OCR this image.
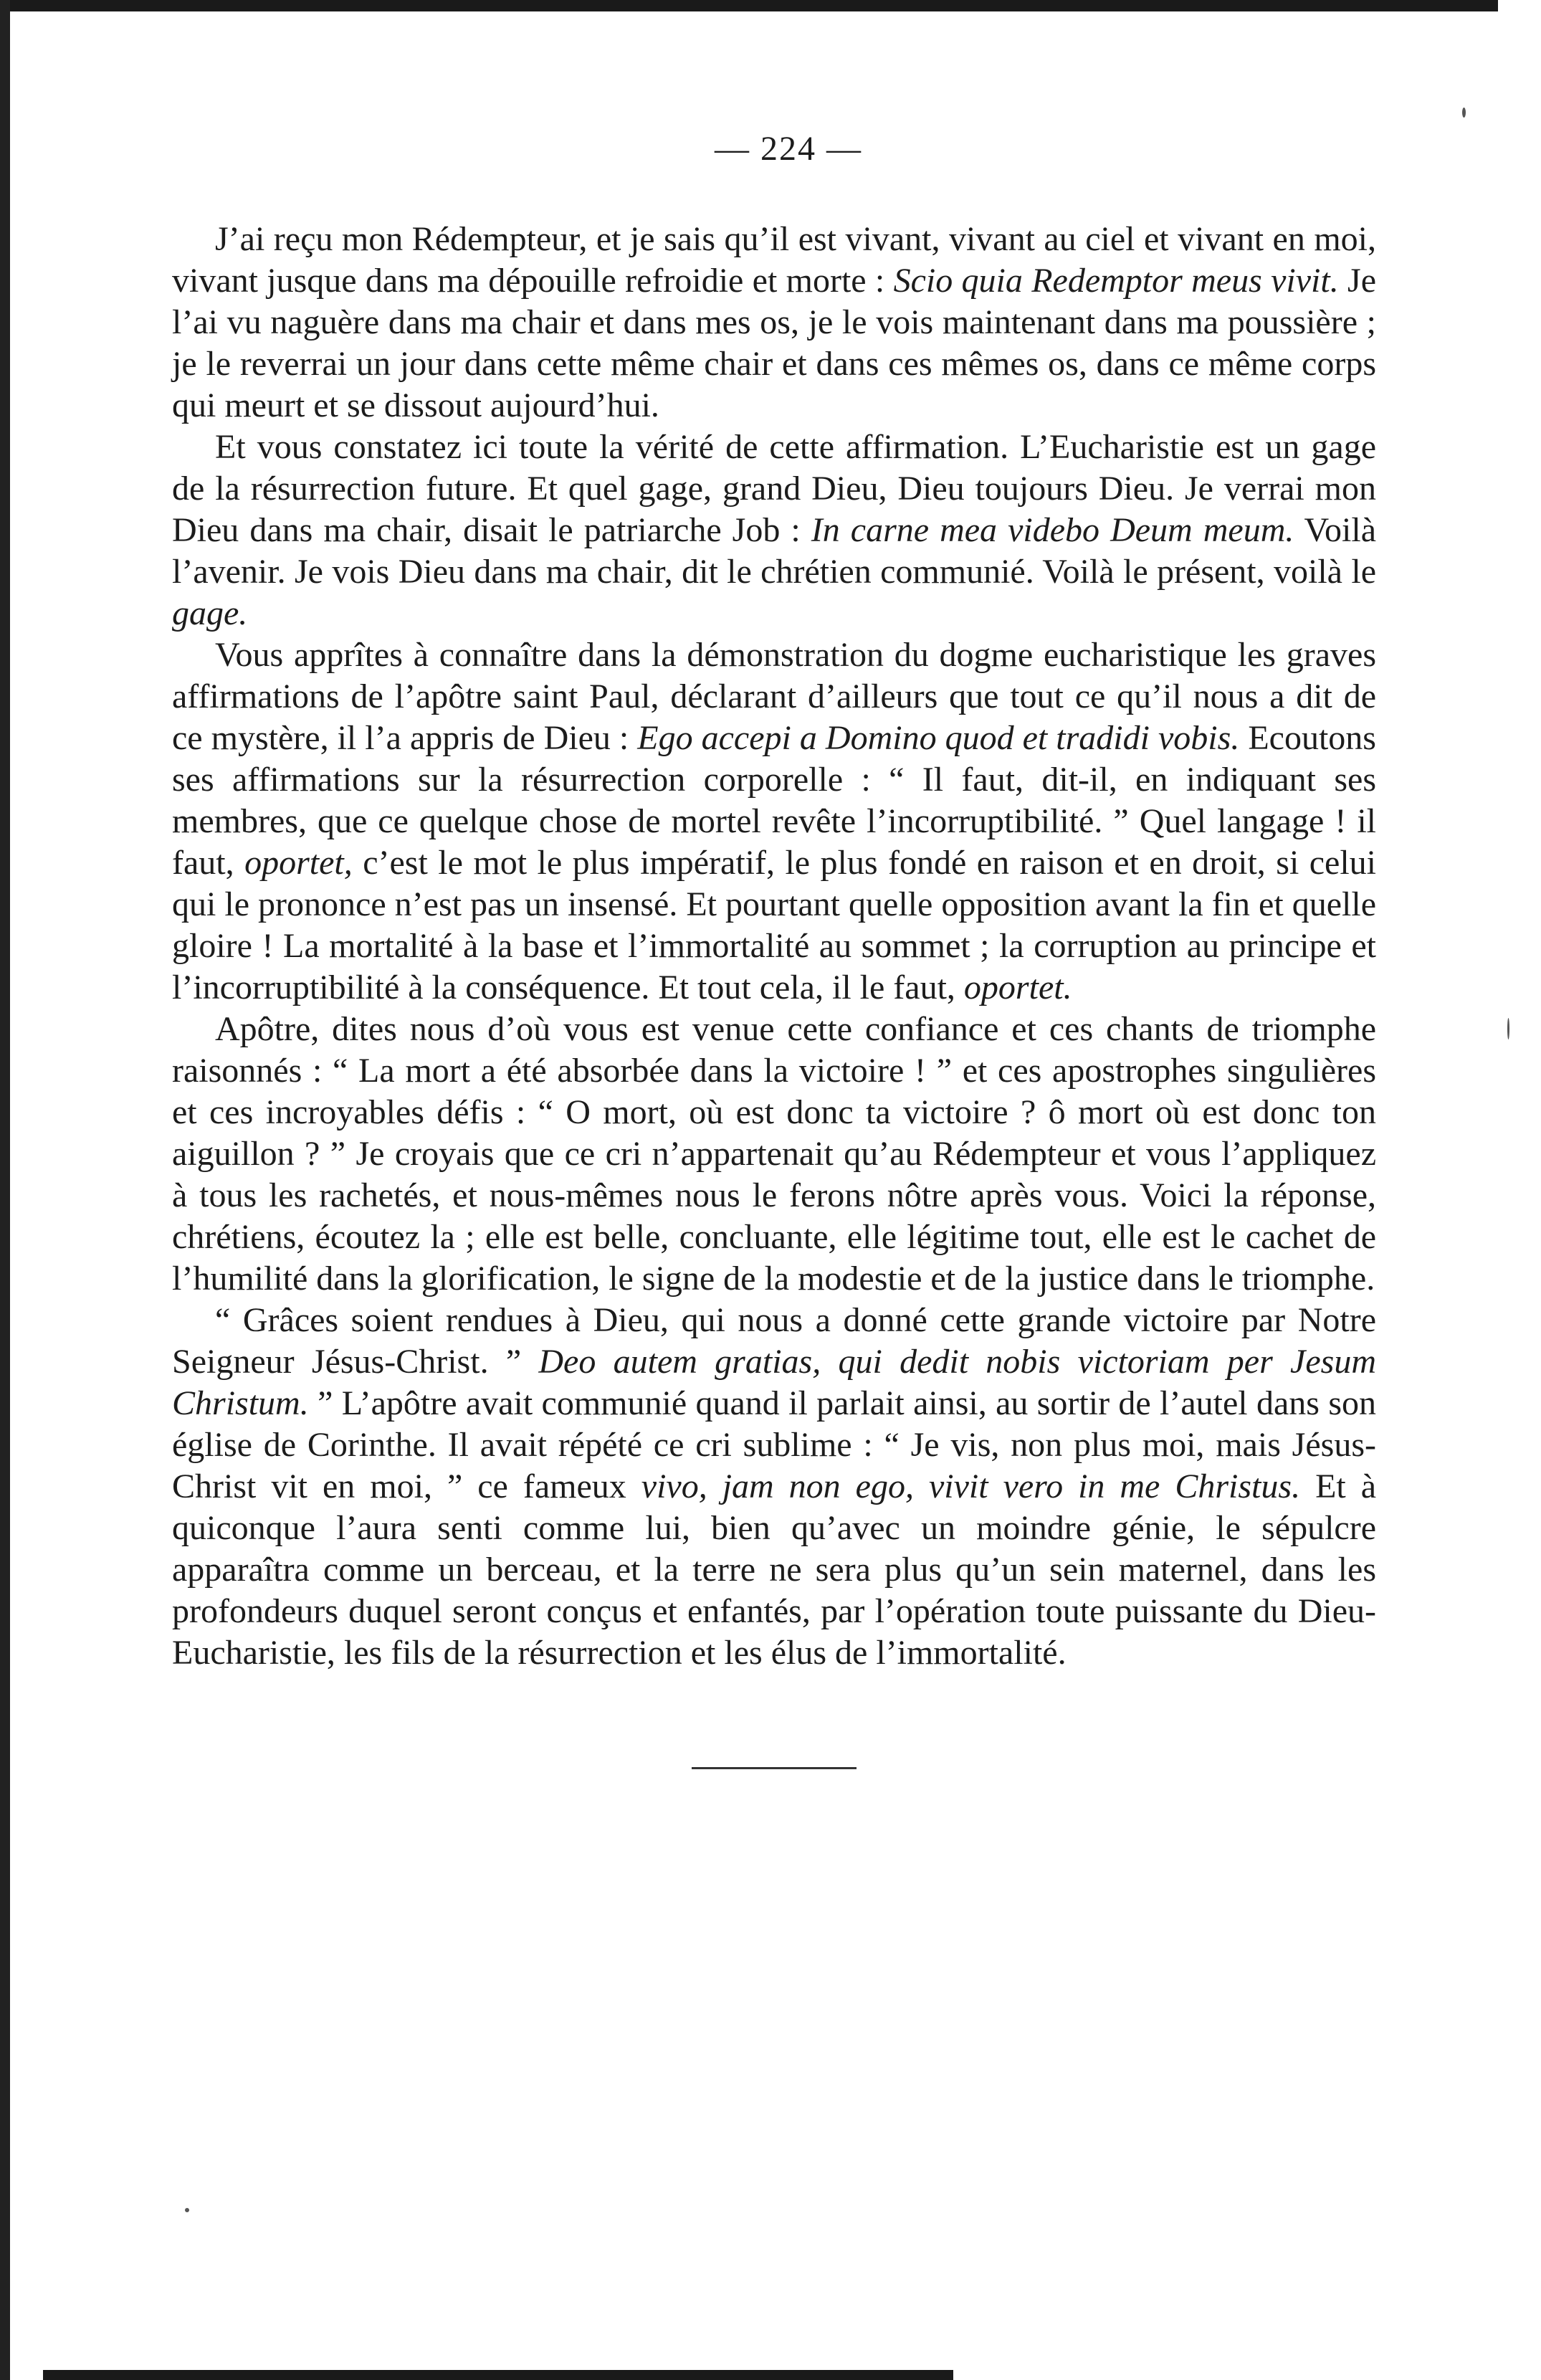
— 224 —

J’ai reçu mon Rédempteur, et je sais qu’il est vivant, vivant au ciel et vivant en moi, vivant jusque dans ma dépouille refroidie et morte : Scio quia Redemptor meus vivit. Je l’ai vu naguère dans ma chair et dans mes os, je le vois maintenant dans ma poussière ; je le reverrai un jour dans cette même chair et dans ces mêmes os, dans ce même corps qui meurt et se dissout aujourd’hui.

Et vous constatez ici toute la vérité de cette affirmation. L’Eucharistie est un gage de la résurrection future. Et quel gage, grand Dieu, Dieu toujours Dieu. Je verrai mon Dieu dans ma chair, disait le patriarche Job : In carne mea videbo Deum meum. Voilà l’avenir. Je vois Dieu dans ma chair, dit le chrétien communié. Voilà le présent, voilà le gage.

Vous apprîtes à connaître dans la démonstration du dogme eucharistique les graves affirmations de l’apôtre saint Paul, déclarant d’ailleurs que tout ce qu’il nous a dit de ce mystère, il l’a appris de Dieu : Ego accepi a Domino quod et tradidi vobis. Ecoutons ses affirmations sur la résurrection corporelle : “ Il faut, dit-il, en indiquant ses membres, que ce quelque chose de mortel revête l’incorruptibilité. ” Quel langage ! il faut, oportet, c’est le mot le plus impératif, le plus fondé en raison et en droit, si celui qui le prononce n’est pas un insensé. Et pourtant quelle opposition avant la fin et quelle gloire ! La mortalité à la base et l’immortalité au sommet ; la corruption au principe et l’incorruptibilité à la conséquence. Et tout cela, il le faut, oportet.

Apôtre, dites nous d’où vous est venue cette confiance et ces chants de triomphe raisonnés : “ La mort a été absorbée dans la victoire ! ” et ces apostrophes singulières et ces incroyables défis : “ O mort, où est donc ta victoire ? ô mort où est donc ton aiguillon ? ” Je croyais que ce cri n’appartenait qu’au Rédempteur et vous l’appliquez à tous les rachetés, et nous-mêmes nous le ferons nôtre après vous. Voici la réponse, chrétiens, écoutez la ; elle est belle, concluante, elle légitime tout, elle est le cachet de l’humilité dans la glorification, le signe de la modestie et de la justice dans le triomphe.

“ Grâces soient rendues à Dieu, qui nous a donné cette grande victoire par Notre Seigneur Jésus-Christ. ” Deo autem gratias, qui dedit nobis victoriam per Jesum Christum. ” L’apôtre avait communié quand il parlait ainsi, au sortir de l’autel dans son église de Corinthe. Il avait répété ce cri sublime : “ Je vis, non plus moi, mais Jésus-Christ vit en moi, ” ce fameux vivo, jam non ego, vivit vero in me Christus. Et à quiconque l’aura senti comme lui, bien qu’avec un moindre génie, le sépulcre apparaîtra comme un berceau, et la terre ne sera plus qu’un sein maternel, dans les profondeurs duquel seront conçus et enfantés, par l’opération toute puissante du Dieu-Eucharistie, les fils de la résurrection et les élus de l’immortalité.
